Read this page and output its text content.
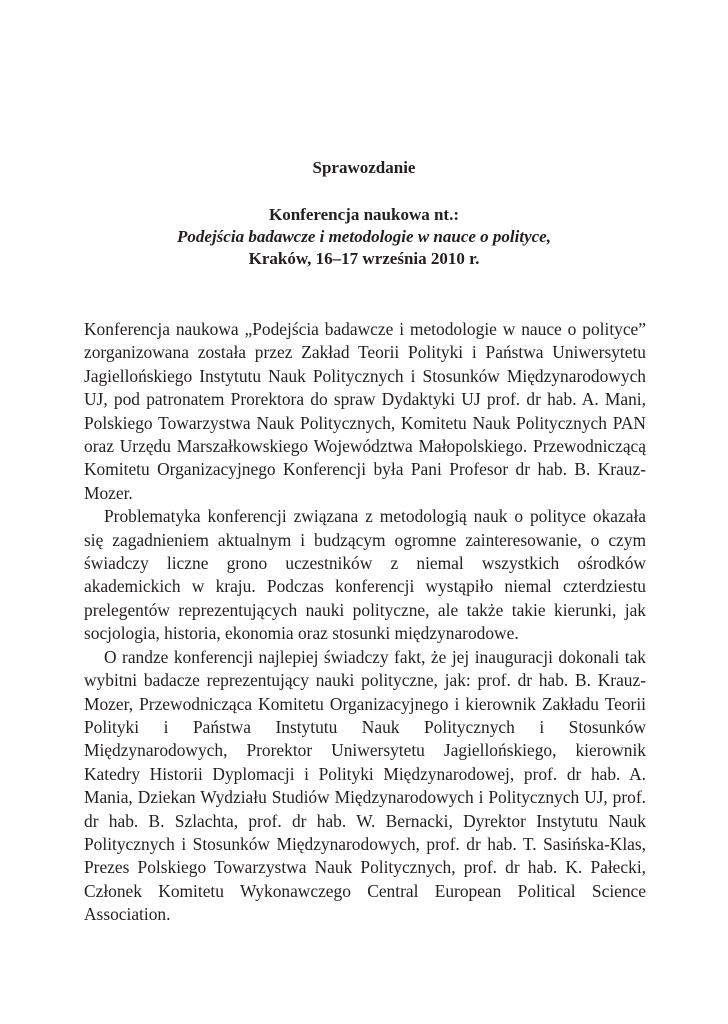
Sprawozdanie
Konferencja naukowa nt.:
Podejścia badawcze i metodologie w nauce o polityce,
Kraków, 16–17 września 2010 r.

Konferencja naukowa „Podejścia badawcze i metodologie w nauce o polityce” zorganizowana została przez Zakład Teorii Polityki i Państwa Uniwersytetu Jagiellońskiego Instytutu Nauk Politycznych i Stosunków Międzynarodowych UJ, pod patronatem Prorektora do spraw Dydaktyki UJ prof. dr hab. A. Mani, Polskiego Towarzystwa Nauk Politycznych, Komitetu Nauk Politycznych PAN oraz Urzędu Marszałkowskiego Województwa Małopolskiego. Przewodniczącą Komitetu Organizacyjnego Konferencji była Pani Profesor dr hab. B. Krauz-Mozer.

Problematyka konferencji związana z metodologią nauk o polityce okazała się zagadnieniem aktualnym i budzącym ogromne zainteresowanie, o czym świadczy liczne grono uczestników z niemal wszystkich ośrodków akademickich w kraju. Podczas konferencji wystąpiło niemal czterdziestu prelegentów reprezentujących nauki polityczne, ale także takie kierunki, jak socjologia, historia, ekonomia oraz stosunki międzynarodowe.

O randze konferencji najlepiej świadczy fakt, że jej inauguracji dokonali tak wybitni badacze reprezentujący nauki polityczne, jak: prof. dr hab. B. Krauz-Mozer, Przewodnicząca Komitetu Organizacyjnego i kierownik Zakładu Teorii Polityki i Państwa Instytutu Nauk Politycznych i Stosunków Międzynarodowych, Prorektor Uniwersytetu Jagiellońskiego, kierownik Katedry Historii Dyplomacji i Polityki Międzynarodowej, prof. dr hab. A. Mania, Dziekan Wydziału Studiów Międzynarodowych i Politycznych UJ, prof. dr hab. B. Szlachta, prof. dr hab. W. Bernacki, Dyrektor Instytutu Nauk Politycznych i Stosunków Międzynarodowych, prof. dr hab. T. Sasińska-Klas, Prezes Polskiego Towarzystwa Nauk Politycznych, prof. dr hab. K. Pałecki, Członek Komitetu Wykonawczego Central European Political Science Association.
